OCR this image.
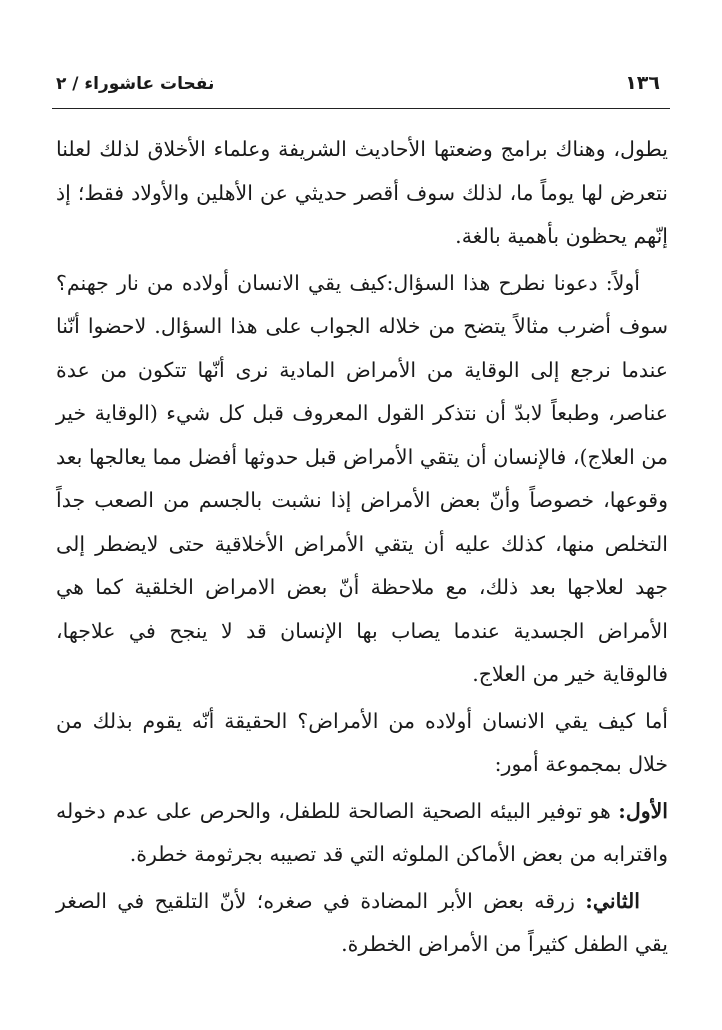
١٣٦
نفحات عاشوراء / ٢

يطول، وهناك برامج وضعتها الأحاديث الشريفة وعلماء الأخلاق لذلك لعلنا نتعرض لها يوماً ما، لذلك سوف أقصر حديثي عن الأهلين والأولاد فقط؛ إذ إنّهم يحظون بأهمية بالغة.

أولاً: دعونا نطرح هذا السؤال:كيف يقي الانسان أولاده من نار جهنم؟ سوف أضرب مثالاً يتضح من خلاله الجواب على هذا السؤال. لاحضوا أنّنا عندما نرجع إلى الوقاية من الأمراض المادية نرى أنّها تتكون من عدة عناصر، وطبعاً لابدّ أن نتذكر القول المعروف قبل كل شيء (الوقاية خير من العلاج)، فالإنسان أن يتقي الأمراض قبل حدوثها أفضل مما يعالجها بعد وقوعها، خصوصاً وأنّ بعض الأمراض إذا نشبت بالجسم من الصعب جداً التخلص منها، كذلك عليه أن يتقي الأمراض الأخلاقية حتى لايضطر إلى جهد لعلاجها بعد ذلك، مع ملاحظة أنّ بعض الامراض الخلقية كما هي الأمراض الجسدية عندما يصاب بها الإنسان قد لا ينجح في علاجها، فالوقاية خير من العلاج.

أما كيف يقي الانسان أولاده من الأمراض؟ الحقيقة أنّه يقوم بذلك من خلال بمجموعة أمور:

الأول: هو توفير البيئه الصحية الصالحة للطفل، والحرص على عدم دخوله واقترابه من بعض الأماكن الملوثه التي قد تصيبه بجرثومة خطرة.

الثاني: زرقه بعض الأبر المضادة في صغره؛ لأنّ التلقيح في الصغر يقي الطفل كثيراً من الأمراض الخطرة.
